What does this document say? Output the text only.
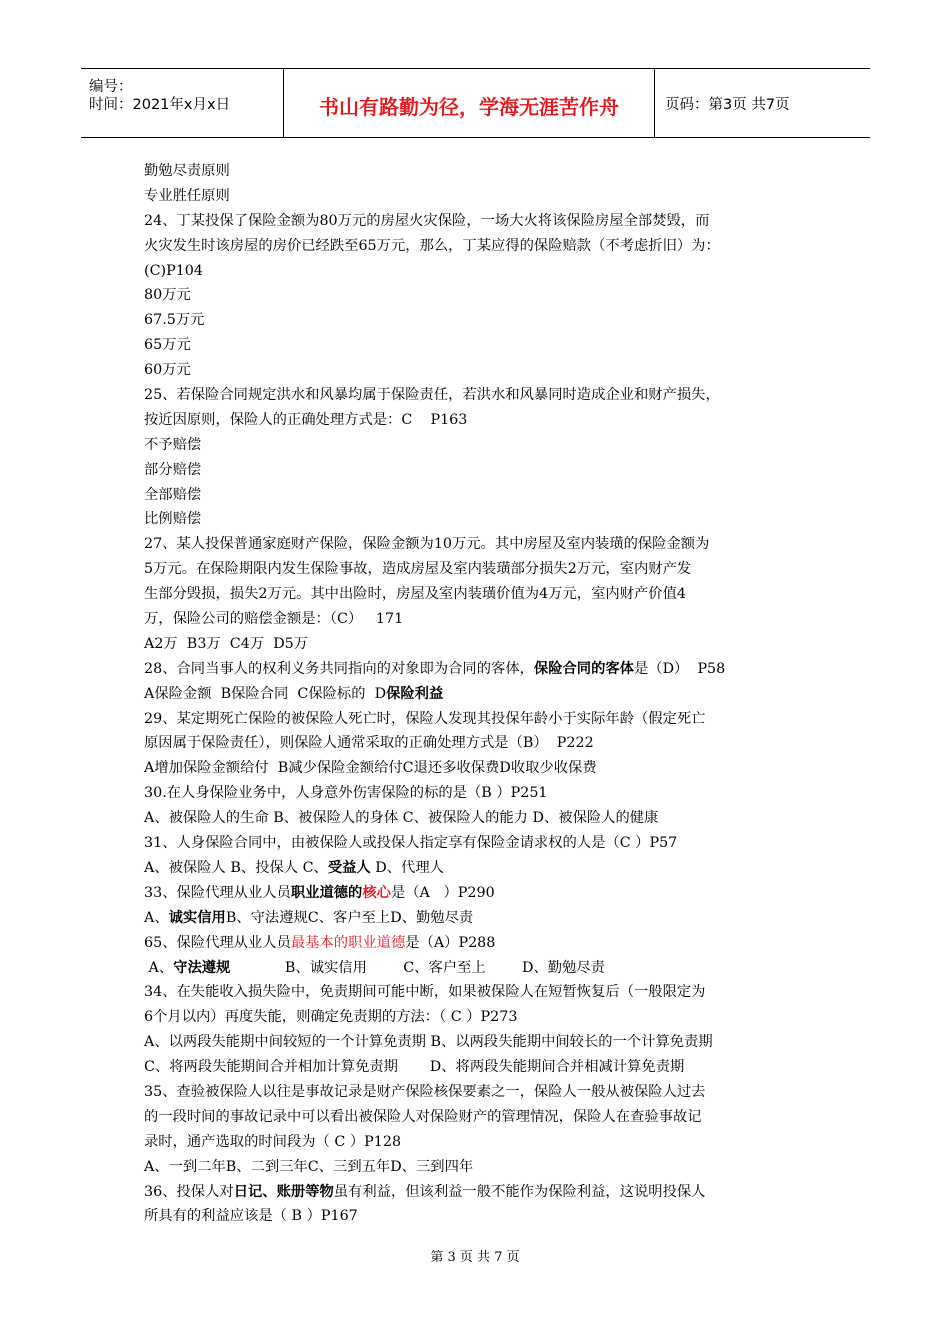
编号：
时间：2021年x月x日	书山有路勤为径，学海无涯苦作舟	页码：第3页 共7页
勤勉尽责原则
专业胜任原则
24、丁某投保了保险金额为80万元的房屋火灾保险，一场大火将该保险房屋全部焚毁，而
火灾发生时该房屋的房价已经跌至65万元，那么，丁某应得的保险赔款（不考虑折旧）为：
(C)P104
80万元
67.5万元
65万元
60万元
25、若保险合同规定洪水和风暴均属于保险责任，若洪水和风暴同时造成企业和财产损失，
按近因原则，保险人的正确处理方式是：C    P163
不予赔偿
部分赔偿
全部赔偿
比例赔偿
27、某人投保普通家庭财产保险，保险金额为10万元。其中房屋及室内装璜的保险金额为
5万元。在保险期限内发生保险事故，造成房屋及室内装璜部分损失2万元，室内财产发
生部分毁损，损失2万元。其中出险时，房屋及室内装璜价值为4万元，室内财产价值4
万，保险公司的赔偿金额是：（C）   171
A2万  B3万  C4万  D5万
28、合同当事人的权利义务共同指向的对象即为合同的客体，保险合同的客体是（D）  P58
A保险金额  B保险合同  C保险标的  D保险利益
29、某定期死亡保险的被保险人死亡时，保险人发现其投保年龄小于实际年龄（假定死亡
原因属于保险责任），则保险人通常采取的正确处理方式是（B）  P222
A增加保险金额给付  B减少保险金额给付C退还多收保费D收取少收保费
30.在人身保险业务中，人身意外伤害保险的标的是（B ）P251
A、被保险人的生命 B、被保险人的身体 C、被保险人的能力 D、被保险人的健康
31、人身保险合同中，由被保险人或投保人指定享有保险金请求权的人是（C ）P57
A、被保险人 B、投保人 C、受益人 D、代理人
33、保险代理从业人员职业道德的核心是（A   ）P290
A、诚实信用B、守法遵规C、客户至上D、勤勉尽责
65、保险代理从业人员最基本的职业道德是（A）P288
A、守法遵规            B、诚实信用        C、客户至上        D、勤勉尽责
34、在失能收入损失险中，免责期间可能中断，如果被保险人在短暂恢复后（一般限定为
6个月以内）再度失能，则确定免责期的方法：（ C ）P273
A、以两段失能期中间较短的一个计算免责期 B、以两段失能期中间较长的一个计算免责期
C、将两段失能期间合并相加计算免责期       D、将两段失能期间合并相减计算免责期
35、查验被保险人以往是事故记录是财产保险核保要素之一，保险人一般从被保险人过去
的一段时间的事故记录中可以看出被保险人对保险财产的管理情况，保险人在查验事故记
录时，通产选取的时间段为（ C ）P128
A、一到二年B、二到三年C、三到五年D、三到四年
36、投保人对日记、账册等物虽有利益，但该利益一般不能作为保险利益，这说明投保人
所具有的利益应该是（ B ）P167
第 3 页 共 7 页
